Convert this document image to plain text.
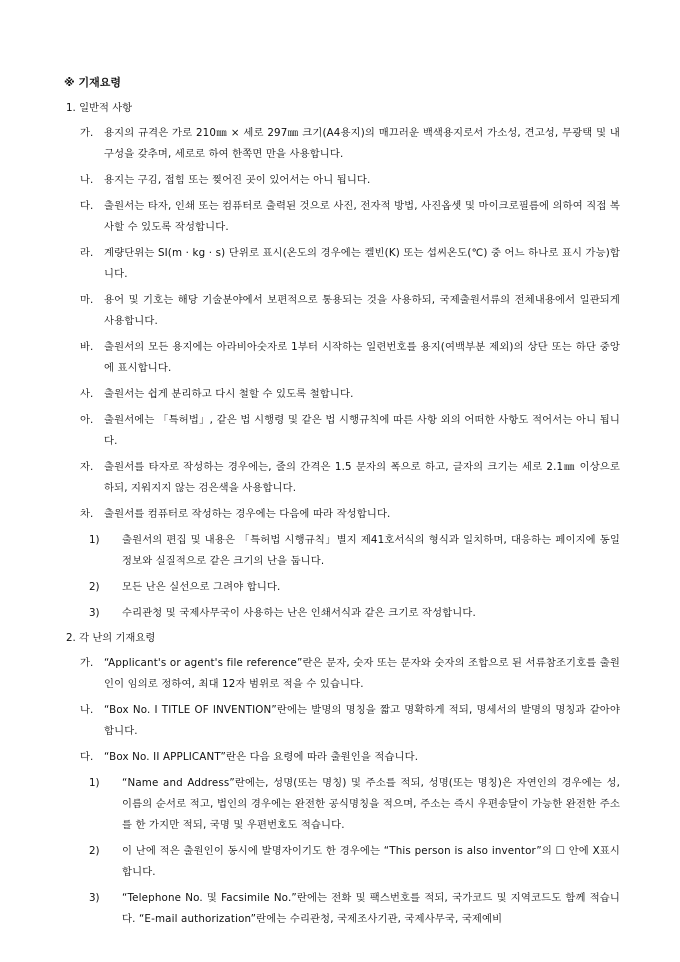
※ 기재요령
1. 일반적 사항
가. 용지의 규격은 가로 210㎜ × 세로 297㎜ 크기(A4용지)의 매끄러운 백색용지로서 가소성, 견고성, 무광택 및 내구성을 갖추며, 세로로 하여 한쪽면 만을 사용합니다.
나. 용지는 구김, 접힘 또는 찢어진 곳이 있어서는 아니 됩니다.
다. 출원서는 타자, 인쇄 또는 컴퓨터로 출력된 것으로 사진, 전자적 방법, 사진옵셋 및 마이크로필름에 의하여 직접 복사할 수 있도록 작성합니다.
라. 계량단위는 SI(m · kg · s) 단위로 표시(온도의 경우에는 켈빈(K) 또는 섭씨온도(℃) 중 어느 하나로 표시 가능)합니다.
마. 용어 및 기호는 해당 기술분야에서 보편적으로 통용되는 것을 사용하되, 국제출원서류의 전체내용에서 일관되게 사용합니다.
바. 출원서의 모든 용지에는 아라비아숫자로 1부터 시작하는 일련번호를 용지(여백부분 제외)의 상단 또는 하단 중앙에 표시합니다.
사. 출원서는 쉽게 분리하고 다시 철할 수 있도록 철합니다.
아. 출원서에는 「특허법」, 같은 법 시행령 및 같은 법 시행규칙에 따른 사항 외의 어떠한 사항도 적어서는 아니 됩니다.
자. 출원서를 타자로 작성하는 경우에는, 줄의 간격은 1.5 문자의 폭으로 하고, 글자의 크기는 세로 2.1㎜ 이상으로 하되, 지워지지 않는 검은색을 사용합니다.
차. 출원서를 컴퓨터로 작성하는 경우에는 다음에 따라 작성합니다.
1) 출원서의 편집 및 내용은 「특허법 시행규칙」별지 제41호서식의 형식과 일치하며, 대응하는 페이지에 동일정보와 실질적으로 같은 크기의 난을 둡니다.
2) 모든 난은 실선으로 그려야 합니다.
3) 수리관청 및 국제사무국이 사용하는 난은 인쇄서식과 같은 크기로 작성합니다.
2. 각 난의 기재요령
가. “Applicant's or agent's file reference”란은 문자, 숫자 또는 문자와 숫자의 조합으로 된 서류참조기호를 출원인이 임의로 정하여, 최대 12자 범위로 적을 수 있습니다.
나. “Box No. I TITLE OF INVENTION”란에는 발명의 명칭을 짧고 명확하게 적되, 명세서의 발명의 명칭과 같아야 합니다.
다. “Box No. II APPLICANT”란은 다음 요령에 따라 출원인을 적습니다.
1) “Name and Address”란에는, 성명(또는 명칭) 및 주소를 적되, 성명(또는 명칭)은 자연인의 경우에는 성, 이름의 순서로 적고, 법인의 경우에는 완전한 공식명칭을 적으며, 주소는 즉시 우편송달이 가능한 완전한 주소를 한 가지만 적되, 국명 및 우편번호도 적습니다.
2) 이 난에 적은 출원인이 동시에 발명자이기도 한 경우에는 “This person is also inventor”의 ☐ 안에 X표시합니다.
3) “Telephone No. 및 Facsimile No.”란에는 전화 및 팩스번호를 적되, 국가코드 및 지역코드도 함께 적습니다. “E-mail authorization”란에는 수리관청, 국제조사기관, 국제사무국, 국제예비
